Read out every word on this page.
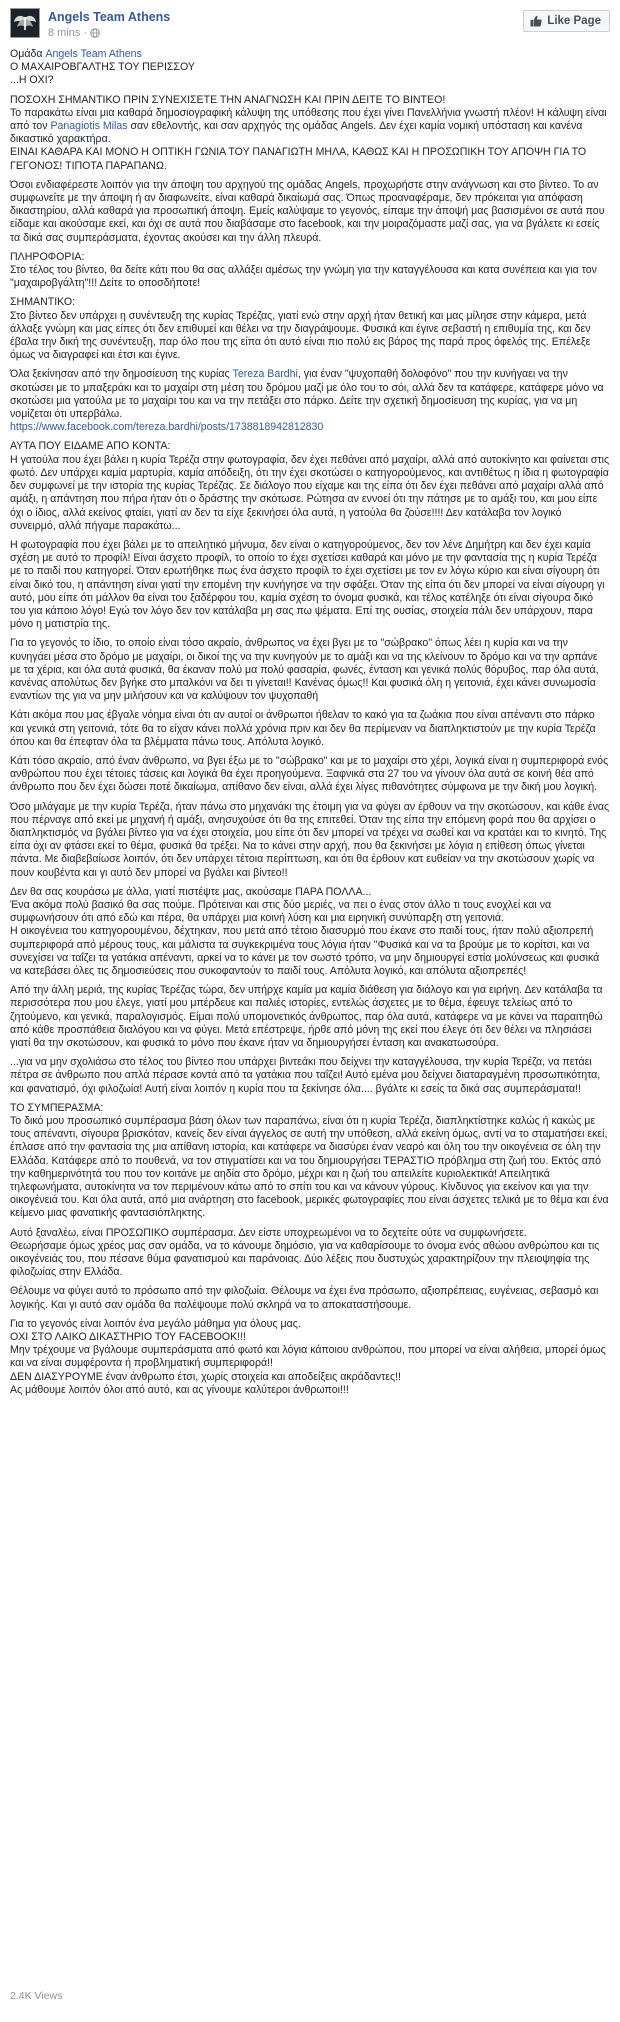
Angels Team Athens
8 mins ·
Like Page

Ομάδα Angels Team Athens
Ο ΜΑΧΑΙΡΟΒΓΑΛΤΗΣ ΤΟΥ ΠΕΡΙΣΣΟΥ
...Η ΟΧΙ?

ΠΟΣΟΧΗ ΣΗΜΑΝΤΙΚΟ ΠΡΙΝ ΣΥΝΕΧΙΣΕΤΕ ΤΗΝ ΑΝΑΓΝΩΣΗ ΚΑΙ ΠΡΙΝ ΔΕΙΤΕ ΤΟ ΒΙΝΤΕΟ!
Το παρακάτω είναι μια καθαρά δημοσιογραφική κάλυψη της υπόθεσης που έχει γίνει Πανελλήνια γνωστή πλέον! Η κάλυψη είναι από τον Panagiotis Milas σαν εθελοντής, και σαν αρχηγός της ομάδας Angels. Δεν έχει καμία νομική υπόσταση και κανένα δικαστικό χαρακτήρα.
ΕΙΝΑΙ ΚΑΘΑΡΑ ΚΑΙ ΜΟΝΟ Η ΟΠΤΙΚΗ ΓΩΝΙΑ ΤΟΥ ΠΑΝΑΓΙΩΤΗ ΜΗΛΑ, ΚΑΘΩΣ ΚΑΙ Η ΠΡΟΣΩΠΙΚΗ ΤΟΥ ΑΠΟΨΗ ΓΙΑ ΤΟ ΓΕΓΟΝΟΣ! ΤΙΠΟΤΑ ΠΑΡΑΠΑΝΩ.

Όσοι ενδιαφέρεστε λοιπόν για την άποψη του αρχηγού της ομάδας Angels, προχωρήστε στην ανάγνωση και στο βίντεο. Το αν συμφωνείτε με την άποψη ή αν διαφωνείτε, είναι καθαρά δικαίωμά σας. Όπως προαναφέραμε, δεν πρόκειται για απόφαση δικαστηρίου, αλλά καθαρά για προσωπική άποψη. Εμείς καλύψαμε το γεγονός, είπαμε την άποψή μας βασισμένοι σε αυτά που είδαμε και ακούσαμε εκεί, και όχι σε αυτά που διαβάσαμε στο facebook, και την μοιραζόμαστε μαζί σας, για να βγάλετε κι εσείς τα δικά σας συμπεράσματα, έχοντας ακούσει και την άλλη πλευρά.

ΠΛΗΡΟΦΟΡΙΑ:
Στο τέλος του βίντεο, θα δείτε κάτι που θα σας αλλάξει αμέσως την γνώμη για την καταγγέλουσα και κατα συνέπεια και για τον "μαχαιροβγάλτη"!!! Δείτε το οποσδήποτε!

ΣΗΜΑΝΤΙΚΟ:
Στο βίντεο δεν υπάρχει η συνέντευξη της κυρίας Τερέζας, γιατί ενώ στην αρχή ήταν θετική και μας μίλησε στην κάμερα, μετά άλλαξε γνώμη και μας είπες ότι δεν επιθυμεί και θέλει να την διαγράψουμε. Φυσικά και έγινε σεβαστή η επιθυμία της, και δεν έβαλα την δική της συνέντευξη, παρ όλο που της είπα ότι αυτό είναι πιο πολύ εις βάρος της παρά προς όφελός της. Επέλεξε όμως να διαγραφεί και έτσι και έγινε.

Όλα ξεκίνησαν από την δημοσίευση της κυρίας Tereza Bardhi, για έναν "ψυχοπαθή δολοφόνο" που την κυνήγαει να την σκοτώσει με το μπαξεράκι και το μαχαίρι στη μέση του δρόμου μαζί με όλο του το σόι, αλλά δεν τα κατάφερε, κατάφερε μόνο να σκοτώσει μια γατούλα με το μαχαίρι του και να την πετάξει στο πάρκο. Δείτε την σχετική δημοσίευση της κυρίας, για να μη νομίζεται ότι υπερβάλω.
https://www.facebook.com/tereza.bardhi/posts/1738818942812830

ΑΥΤΑ ΠΟΥ ΕΙΔΑΜΕ ΑΠΟ ΚΟΝΤΑ:
Η γατούλα που έχει βάλει η κυρία Τερέζα στην φωτογραφία, δεν έχει πεθάνει από μαχαίρι, αλλά από αυτοκίνητο και φαίνεται στις φωτό. Δεν υπάρχει καμία μαρτυρία, καμία απόδειξη, ότι την έχει σκοτώσει ο κατηγορούμενος, και αντιθέτως η ίδια η φωτογραφία δεν συμφωνεί με την ιστορία της κυρίας Τερέζας. Σε διάλογο που είχαμε και της είπα ότι δεν έχει πεθάνει από μαχαίρι αλλά από αμάξι, η απάντηση που πήρα ήταν ότι ο δράστης την σκότωσε. Ρώτησα αν εννοεί ότι την πάτησε με το αμάξι του, και μου είπε όχι ο ίδιος, αλλά εκείνος φταίει, γιατί αν δεν τα είχε ξεκινήσει όλα αυτά, η γατούλα θα ζούσε!!!! Δεν κατάλαβα τον λογικό συνειρμό, αλλά πήγαμε παρακάτω...

Η φωτογραφία που έχει βάλει με το απειλητικό μήνυμα, δεν είναι ο κατηγορούμενος, δεν τον λένε Δημήτρη και δεν έχει καμία σχέση με αυτό το προφίλ! Είναι άσχετο προφίλ, το οποίο το έχει σχετίσει καθαρά και μόνο με την φαντασία της η κυρία Τερέζα με το παιδί που κατηγορεί. Όταν ερωτήθηκε πως ένα άσχετο προφίλ το έχει σχετίσει με τον εν λόγω κύριο και είναι σίγουρη ότι είναι δικό του, η απάντηση είναι γιατί την επομένη την κυνήγησε να την σφάξει. Όταν της είπα ότι δεν μπορεί να είναι σίγουρη γι αυτό, μου είπε ότι μάλλον θα είναι του ξαδέρφου του, καμία σχέση το όνομα φυσικά, και τέλος κατέληξε ότι είναι σίγουρα δικό του για κάποιο λόγο! Εγώ τον λόγο δεν τον κατάλαβα μη σας πω ψέματα. Επί της ουσίας, στοιχεία πάλι δεν υπάρχουν, παρα μόνο η ματιστρία της.

Για το γεγονός το ίδιο, το οποίο είναι τόσο ακραίο, άνθρωπος να έχει βγει με το "σώβρακο" όπως λέει η κυρία και να την κυνηγάει μέσα στο δρόμο με μαχαίρι, οι δικοί της να την κυνηγούν με το αμάξι και να της κλείνουν το δρόμο και να την αρπάνε με τα χέρια, και όλα αυτά φυσικά, θα έκαναν πολύ μα πολύ φασαρία, φωνές, ένταση και γενικά πολύς θόρυβος, παρ όλα αυτά, κανένας απολύτως δεν βγήκε στο μπαλκόνι να δει τι γίνεται!! Κανένας όμως!! Και φυσικά όλη η γειτονιά, έχει κάνει συνωμοσία εναντίων της για να μην μιλήσουν και να καλύψουν τον ψυχοπαθή

Κάτι ακόμα που μας έβγαλε νόημα είναι ότι αν αυτοί οι άνθρωποι ήθελαν το κακό για τα ζωάκια που είναι απέναντι στο πάρκο και γενικά στη γειτονιά, τότε θα το είχαν κάνει πολλά χρόνια πριν και δεν θα περίμεναν να διαπληκτιστούν με την κυρία Τερέζα όπου και θα έπεφταν όλα τα βλέμματα πάνω τους. Απόλυτα λογικό.

Κάτι τόσο ακραίο, από έναν άνθρωπο, να βγει έξω με το "σώβρακο" και με το μαχαίρι στο χέρι, λογικά είναι η συμπεριφορά ενός ανθρώπου που έχει τέτοιες τάσεις και λογικά θα έχει προηγούμενα. Ξαφνικά στα 27 του να γίνουν όλα αυτά σε κοινή θέα από άνθρωπο που δεν έχει δώσει ποτέ δικαίωμα, απίθανο δεν είναι, αλλά έχει λίγες πιθανότητες σύμφωνα με την δική μου λογική.

Όσο μιλάγαμε με την κυρία Τερέζα, ήταν πάνω στο μηχανάκι της έτοιμη για να φύγει αν έρθουν να την σκοτώσουν, και κάθε ένας που πέρναγε από εκεί με μηχανή ή αμάξι, ανησυχούσε ότι θα της επιτεθεί. Όταν της είπα την επόμενη φορά που θα αρχίσει ο διαπληκτισμός να βγάλει βίντεο για να έχει στοιχεία, μου είπε ότι δεν μπορεί να τρέχει να σωθεί και να κρατάει και το κινητό. Της είπα όχι αν φτάσει εκεί το θέμα, φυσικά θα τρέξει. Να το κάνει στην αρχή, που θα ξεκινήσει με λόγια η επίθεση όπως γίνεται πάντα. Με διαβεβαίωσε λοιπόν, ότι δεν υπάρχει τέτοια περίπτωση, και ότι θα έρθουν κατ ευθείαν να την σκοτώσουν χωρίς να πουν κουβέντα και γι αυτό δεν μπορεί να βγάλει και βίντεο!!

Δεν θα σας κουράσω με άλλα, γιατί πιστέψτε μας, ακούσαμε ΠΑΡΑ ΠΟΛΛΑ...
Ένα ακόμα πολύ βασικό θα σας πούμε. Πρότειναι και στις δύο μεριές, να πει ο ένας στον άλλο τι τους ενοχλεί και να συμφωνήσουν ότι από εδώ και πέρα, θα υπάρχει μια κοινή λύση και μια ειρηνική συνύπαρξη στη γειτονιά.
Η οικογένεια του κατηγορουμένου, δέχτηκαν, που μετά από τέτοιο διασυρμό που έκανε στο παιδί τους, ήταν πολύ αξιοπρεπή συμπεριφορά από μέρους τους, και μάλιστα τα συγκεκριμένα τους λόγια ήταν "Φυσικά και να τα βρούμε με το κορίτσι, και να συνεχίσει να ταΐζει τα γατάκια απέναντι, αρκεί να το κάνει με τον σωστό τρόπο, να μην δημιουργεί εστία μολύνσεως και φυσικά να κατεβάσει όλες τις δημοσιεύσεις που συκοφαντούν το παιδί τους. Απόλυτα λογικό, και απόλυτα αξιοπρεπές!

Από την άλλη μεριά, της κυρίας Τερέζας τώρα, δεν υπήρχε καμία μα καμία διάθεση για διάλογο και για ειρήνη. Δεν κατάλαβα τα περισσότερα που μου έλεγε, γιατί μου μπέρδευε και παλιές ιστορίες, εντελώς άσχετες με το θέμα, έφευγε τελείως από το ζητούμενο, και γενικά, παραλογισμός. Είμαι πολύ υπομονετικός άνθρωπος, παρ όλα αυτά, κατάφερε να με κάνει να παραιτηθώ από κάθε προσπάθεια διαλόγου και να φύγει. Μετά επέστρεψε, ήρθε από μόνη της εκεί που έλεγε ότι δεν θέλει να πλησιάσει γιατί θα την σκοτώσουν, και φυσικά το μόνο που έκανε ήταν να δημιουργήσει ένταση και ανακατωσούρα.

...για να μην σχολιάσω στο τέλος του βίντεο που υπάρχει βιντεάκι που δείχνει την καταγγέλουσα, την κυρία Τερέζα, να πετάει πέτρα σε άνθρωπο που απλά πέρασε κοντά από τα γατάκια που ταΐζει! Αυτό εμένα μου δείχνει διαταραγμένη προσωπικότητα, και φανατισμό, όχι φιλοζωία! Αυτή είναι λοιπόν η κυρία που τα ξεκίνησε όλα.... βγάλτε κι εσείς τα δικά σας συμπεράσματα!!

ΤΟ ΣΥΜΠΕΡΑΣΜΑ:
Το δικό μου προσωπικό συμπέρασμα βάση όλων των παραπάνω, είναι ότι η κυρία Τερέζα, διαπληκτίστηκε καλώς ή κακώς με τους απέναντι, σίγουρα βρισκόταν, κανείς δεν είναι άγγελος σε αυτή την υπόθεση, αλλά εκείνη όμως, αντί να το σταματήσει εκεί, έπλασε από την φαντασία της μια απίθανη ιστορία, και κατάφερε να διασύρει έναν νεαρό και όλη του την οικογένεια σε όλη την Ελλάδα. Κατάφερε από το πουθενά, να τον στιγματίσει και να του δημιουργήσει ΤΕΡΑΣΤΙΟ πρόβλημα στη ζωή του. Εκτός από την καθημερινότητά του που τον κοιτάνε με αηδία στο δρόμο, μέχρι και η ζωή του απειλείτε κυριολεκτικά! Απειλητικά τηλεφωνήματα, αυτοκίνητα να τον περιμένουν κάτω από το σπίτι του και να κάνουν γύρους. Κίνδυνος για εκείνον και για την οικογένειά του. Και όλα αυτά, από μια ανάρτηση στο facebook, μερικές φωτογραφίες που είναι άσχετες τελικά με το θέμα και ένα κείμενο μιας φανατικής φαντασιόπληκτης.

Αυτό ξαναλέω, είναι ΠΡΟΣΩΠΙΚΟ συμπέρασμα. Δεν είστε υποχρεωμένοι να το δεχτείτε ούτε να συμφωνήσετε.
Θεωρήσαμε όμως χρέος μας σαν ομάδα, να το κάνουμε δημόσιο, για να καθαρίσουμε το όνομα ενός αθώου ανθρώπου και τις οικογένειάς του, που πέσανε θύμα φανατισμού και παράνοιας. Δύο λέξεις που δυστυχώς χαρακτηρίζουν την πλειοψηφία της φιλοζωίας στην Ελλάδα.

Θέλουμε να φύγει αυτό το πρόσωπο από την φιλοζωία. Θέλουμε να έχει ένα πρόσωπο, αξιοπρέπειας, ευγένειας, σεβασμό και λογικής. Και γι αυτό σαν ομάδα θα παλέψουμε πολύ σκληρά να το αποκαταστήσουμε.

Για το γεγονός είναι λοιπόν ένα μεγάλο μάθημα για όλους μας.
ΟΧΙ ΣΤΟ ΛΑΙΚΟ ΔΙΚΑΣΤΗΡΙΟ ΤΟΥ FACEBOOK!!!
Μην τρέχουμε να βγάλουμε συμπεράσματα από φωτό και λόγια κάποιου ανθρώπου, που μπορεί να είναι αλήθεια, μπορεί όμως και να είναι συμφέροντα ή προβληματική συμπεριφορά!!
ΔΕΝ ΔΙΑΣΥΡΟΥΜΕ έναν άνθρωπο έτσι, χωρίς στοιχεία και αποδείξεις ακράδαντες!!
Ας μάθουμε λοιπόν όλοι από αυτό, και ας γίνουμε καλύτεροι άνθρωποι!!!

2.4K Views
